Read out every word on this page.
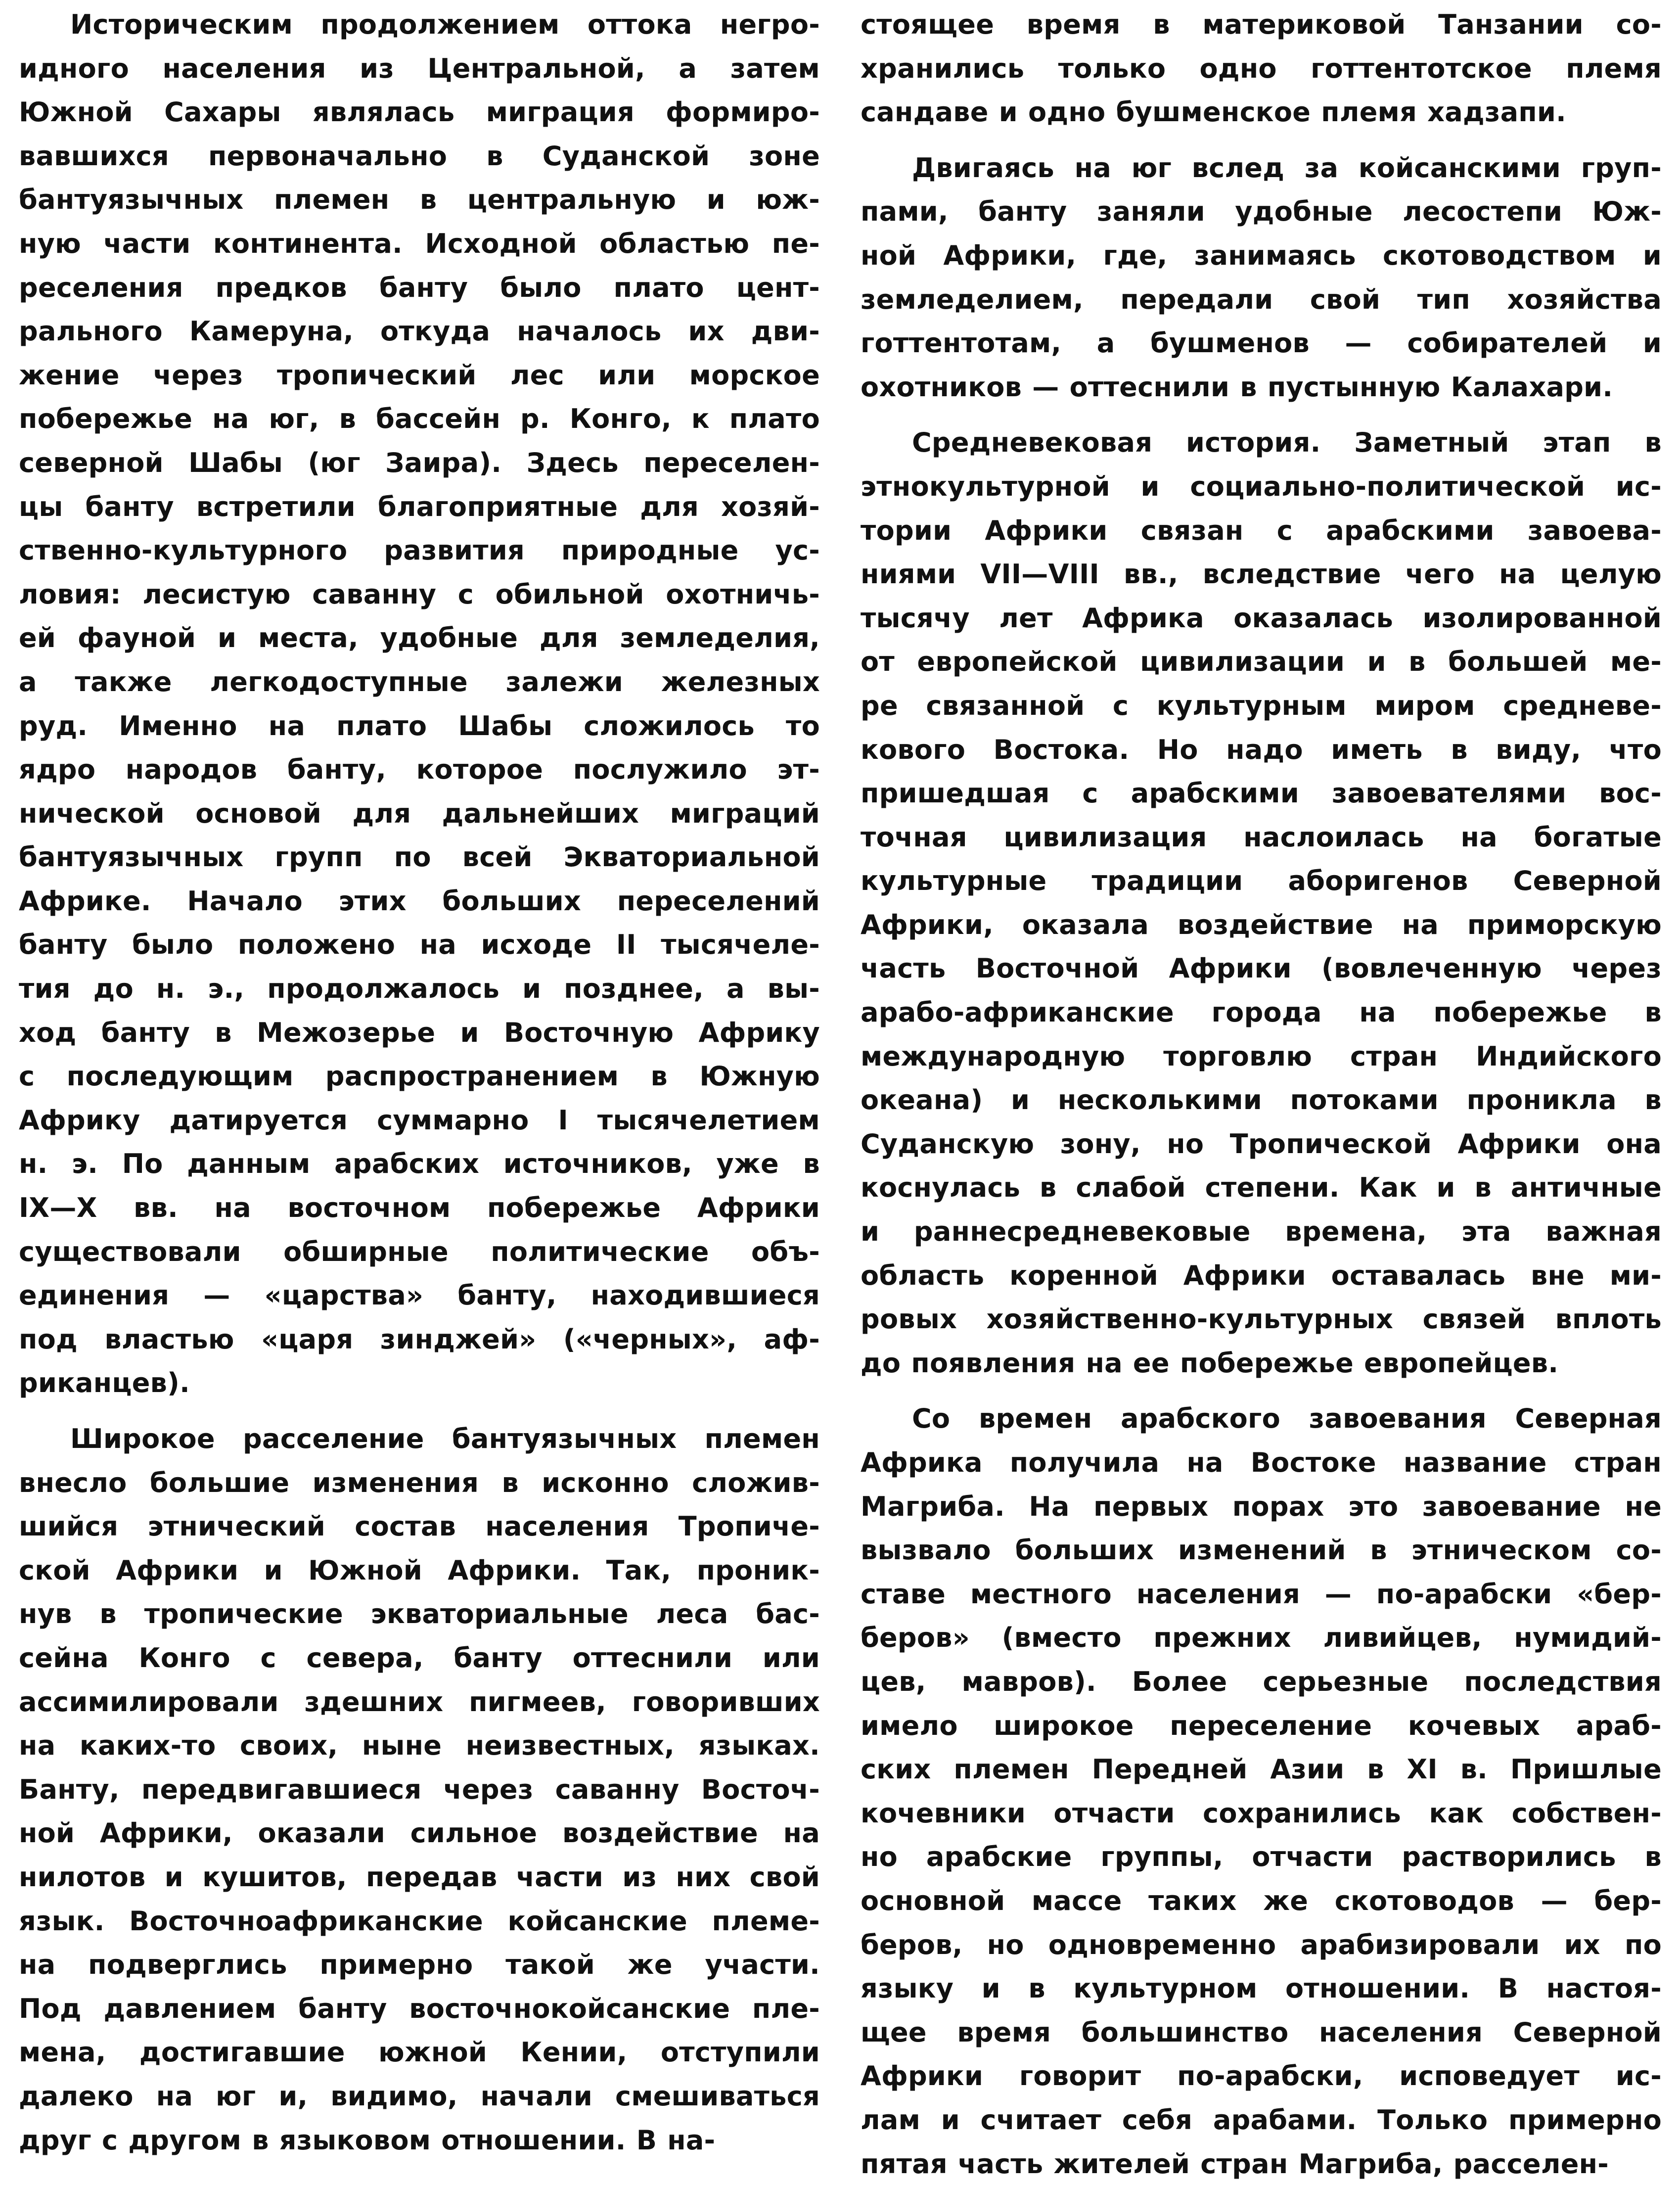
Историческим продолжением оттока негро-
идного населения из Центральной, а затем
Южной Сахары являлась миграция формиро-
вавшихся первоначально в Суданской зоне
бантуязычных племен в центральную и юж-
ную части континента. Исходной областью пе-
реселения предков банту было плато цент-
рального Камеруна, откуда началось их дви-
жение через тропический лес или морское
побережье на юг, в бассейн р. Конго, к плато
северной Шабы (юг Заира). Здесь переселен-
цы банту встретили благоприятные для хозяй-
ственно-культурного развития природные ус-
ловия: лесистую саванну с обильной охотничь-
ей фауной и места, удобные для земледелия,
а также легкодоступные залежи железных
руд. Именно на плато Шабы сложилось то
ядро народов банту, которое послужило эт-
нической основой для дальнейших миграций
бантуязычных групп по всей Экваториальной
Африке. Начало этих больших переселений
банту было положено на исходе II тысячеле-
тия до н. э., продолжалось и позднее, а вы-
ход банту в Межозерье и Восточную Африку
с последующим распространением в Южную
Африку датируется суммарно I тысячелетием
н. э. По данным арабских источников, уже в
IX—X вв. на восточном побережье Африки
существовали обширные политические объ-
единения — «царства» банту, находившиеся
под властью «царя зинджей» («черных», аф-
риканцев).
Широкое расселение бантуязычных племен
внесло большие изменения в исконно сложив-
шийся этнический состав населения Тропиче-
ской Африки и Южной Африки. Так, проник-
нув в тропические экваториальные леса бас-
сейна Конго с севера, банту оттеснили или
ассимилировали здешних пигмеев, говоривших
на каких-то своих, ныне неизвестных, языках.
Банту, передвигавшиеся через саванну Восточ-
ной Африки, оказали сильное воздействие на
нилотов и кушитов, передав части из них свой
язык. Восточноафриканские койсанские племе-
на подверглись примерно такой же участи.
Под давлением банту восточнокойсанские пле-
мена, достигавшие южной Кении, отступили
далеко на юг и, видимо, начали смешиваться
друг с другом в языковом отношении. В на-
стоящее время в материковой Танзании со-
хранились только одно готтентотское племя
сандаве и одно бушменское племя хадзапи.
Двигаясь на юг вслед за койсанскими груп-
пами, банту заняли удобные лесостепи Юж-
ной Африки, где, занимаясь скотоводством и
земледелием, передали свой тип хозяйства
готтентотам, а бушменов — собирателей и
охотников — оттеснили в пустынную Калахари.
Средневековая история. Заметный этап в
этнокультурной и социально-политической ис-
тории Африки связан с арабскими завоева-
ниями VII—VIII вв., вследствие чего на целую
тысячу лет Африка оказалась изолированной
от европейской цивилизации и в большей ме-
ре связанной с культурным миром средневе-
кового Востока. Но надо иметь в виду, что
пришедшая с арабскими завоевателями вос-
точная цивилизация наслоилась на богатые
культурные традиции аборигенов Северной
Африки, оказала воздействие на приморскую
часть Восточной Африки (вовлеченную через
арабо-африканские города на побережье в
международную торговлю стран Индийского
океана) и несколькими потоками проникла в
Суданскую зону, но Тропической Африки она
коснулась в слабой степени. Как и в античные
и раннесредневековые времена, эта важная
область коренной Африки оставалась вне ми-
ровых хозяйственно-культурных связей вплоть
до появления на ее побережье европейцев.
Со времен арабского завоевания Северная
Африка получила на Востоке название стран
Магриба. На первых порах это завоевание не
вызвало больших изменений в этническом со-
ставе местного населения — по-арабски «бер-
беров» (вместо прежних ливийцев, нумидий-
цев, мавров). Более серьезные последствия
имело широкое переселение кочевых араб-
ских племен Передней Азии в XI в. Пришлые
кочевники отчасти сохранились как собствен-
но арабские группы, отчасти растворились в
основной массе таких же скотоводов — бер-
беров, но одновременно арабизировали их по
языку и в культурном отношении. В настоя-
щее время большинство населения Северной
Африки говорит по-арабски, исповедует ис-
лам и считает себя арабами. Только примерно
пятая часть жителей стран Магриба, расселен-
